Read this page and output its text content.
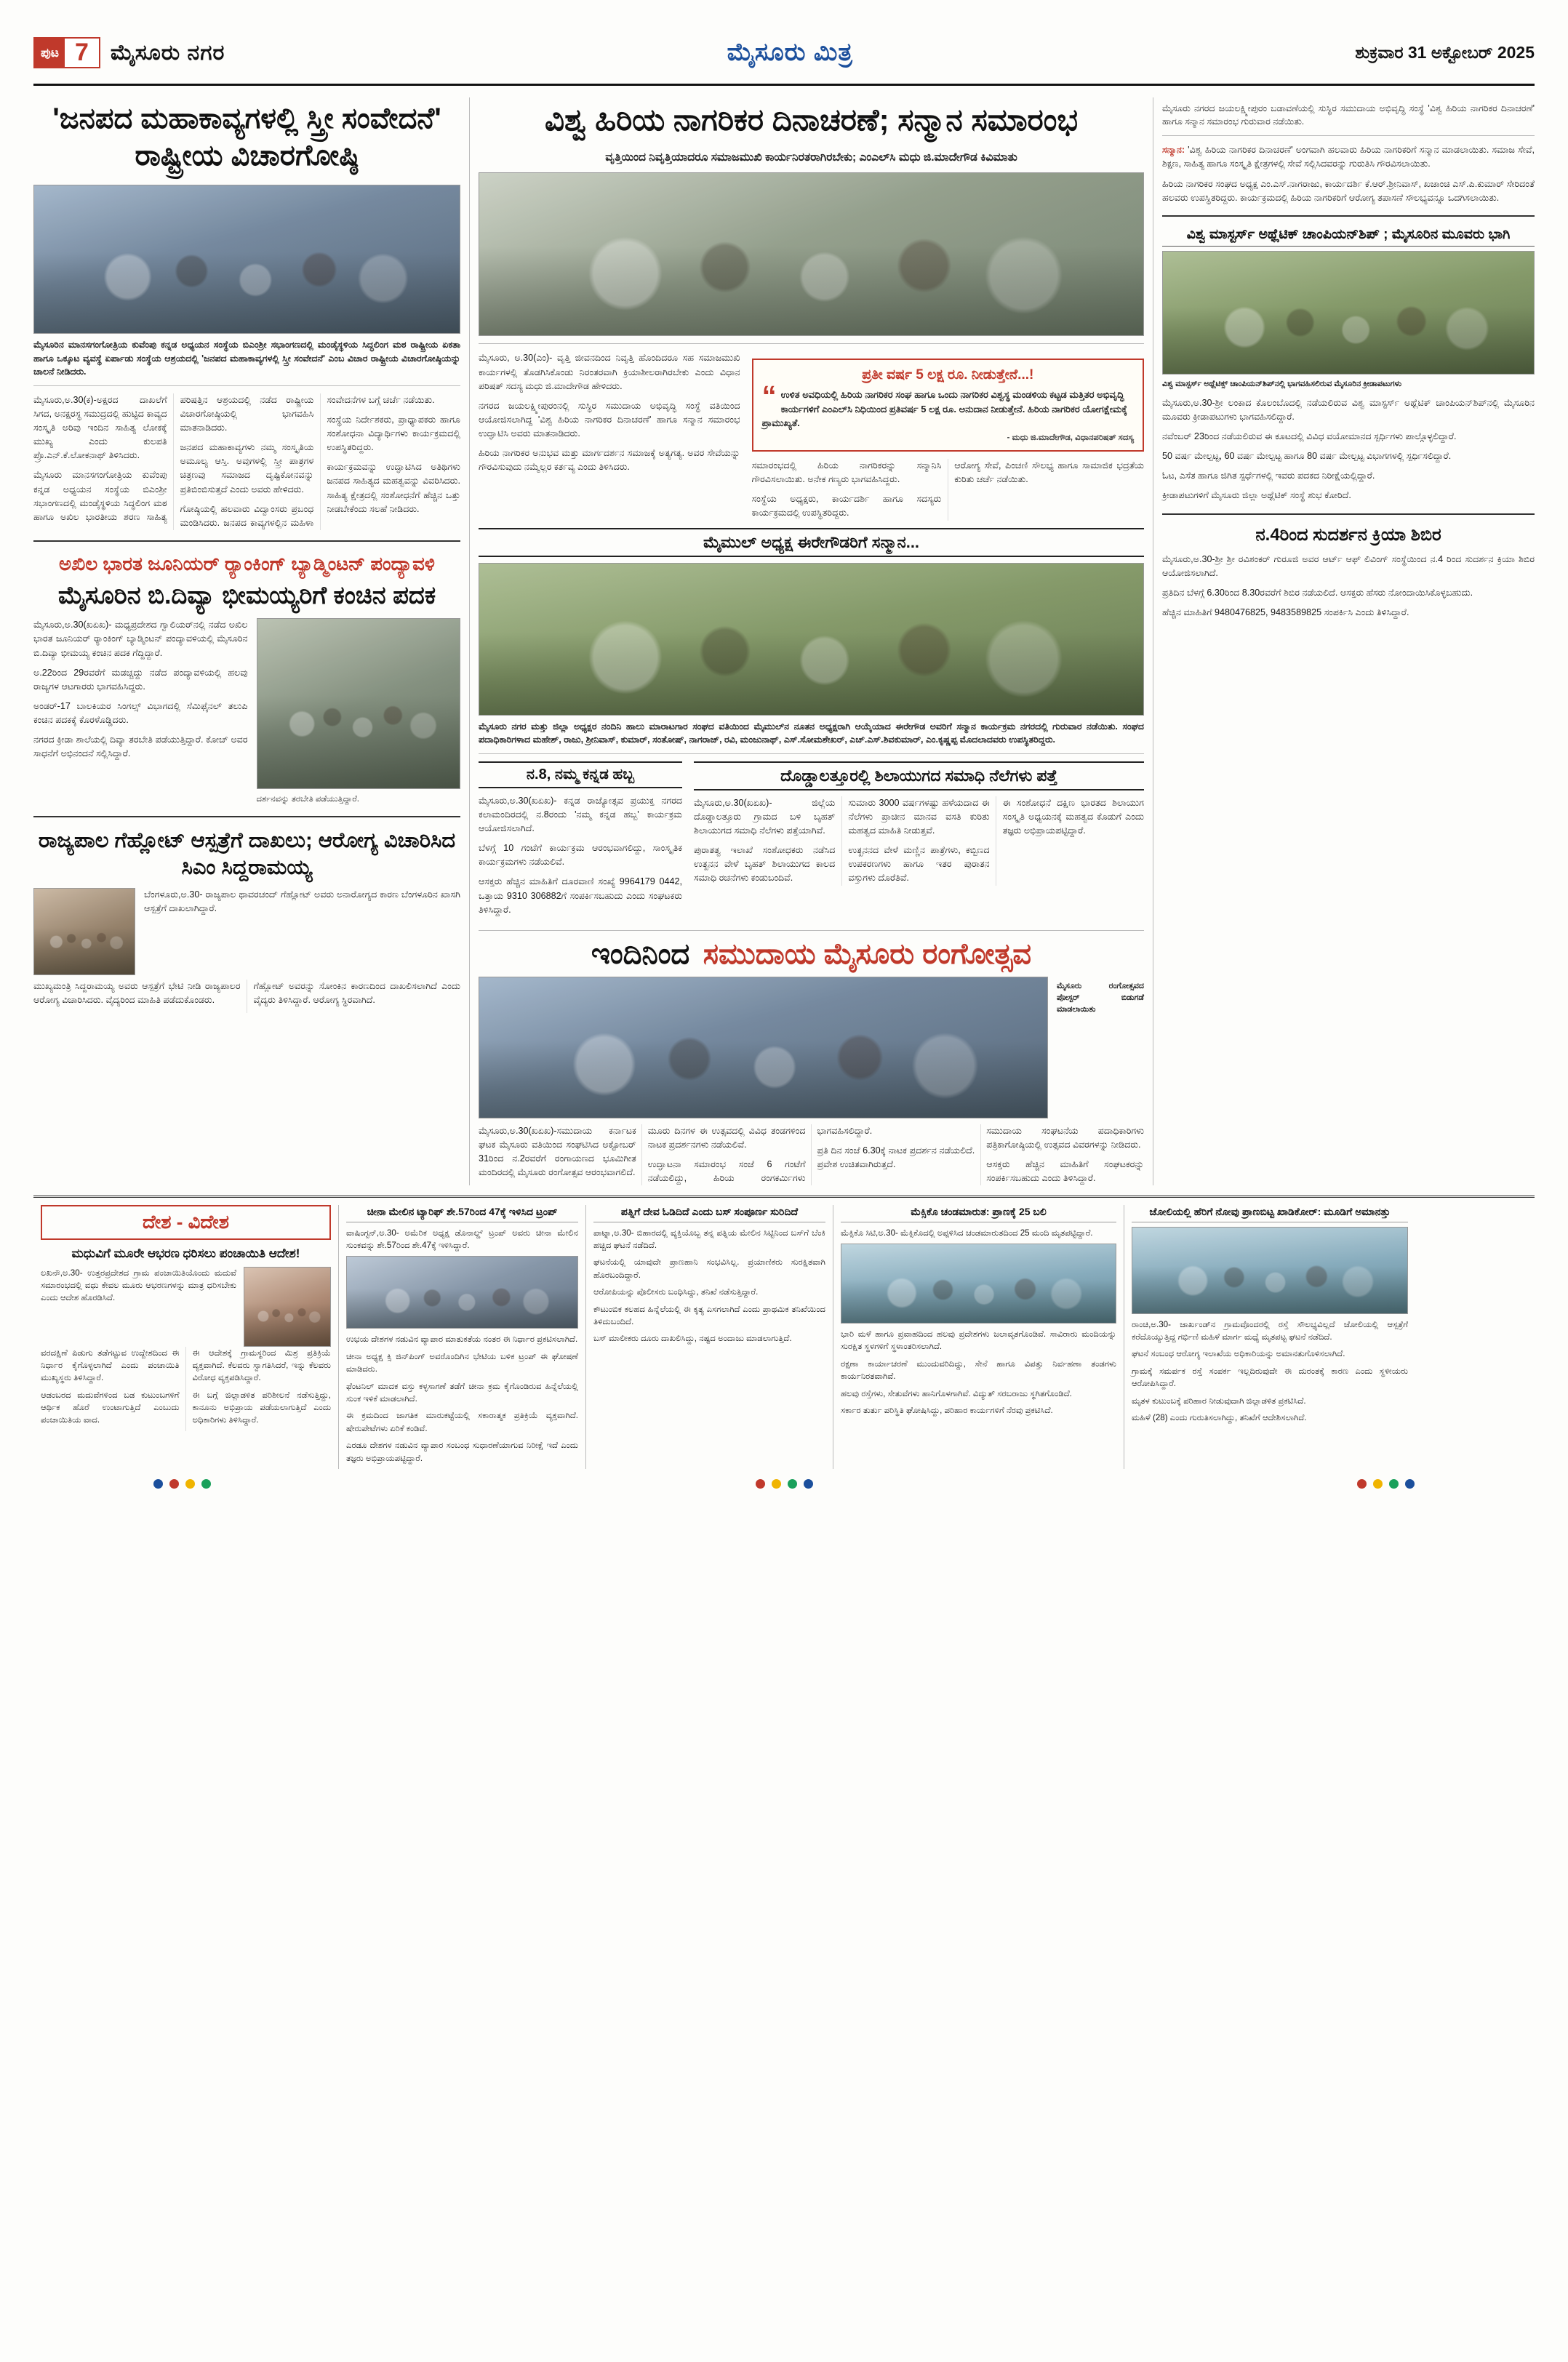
ಪುಟ 7	ಮೈಸೂರು ನಗರ	ಮೈಸೂರು ಮಿತ್ರ	ಶುಕ್ರವಾರ 31 ಅಕ್ಟೋಬರ್ 2025
'ಜನಪದ ಮಹಾಕಾವ್ಯಗಳಲ್ಲಿ ಸ್ತ್ರೀ ಸಂವೇದನೆ' ರಾಷ್ಟ್ರೀಯ ವಿಚಾರಗೋಷ್ಠಿ
ಮೈಸೂರಿನ ಮಾನಸಗಂಗೋತ್ರಿಯ ಕುವೆಂಪು ಕನ್ನಡ ಅಧ್ಯಯನ ಸಂಸ್ಥೆಯ ಬಿಎಂಶ್ರೀ ಸಭಾಂಗಣದಲ್ಲಿ ಮಂಡೈಸ್ಥಳಿಯ ಸಿದ್ಧಲಿಂಗ ಮಠ ರಾಷ್ಟ್ರೀಯ ಏಕತಾ ಹಾಗೂ ಒಕ್ಕೂಟ ವ್ಯವಸ್ಥೆ ಏರ್ಪಾಡು ಸಂಸ್ಥೆಯ ಆಶ್ರಯದಲ್ಲಿ 'ಜನಪದ ಮಹಾಕಾವ್ಯಗಳಲ್ಲಿ ಸ್ತ್ರೀ ಸಂವೇದನೆ' ಎಂಬ ವಿಚಾರ ರಾಷ್ಟ್ರೀಯ ವಿಚಾರಗೋಷ್ಠಿಯನ್ನು ಚಾಲನೆ ನೀಡಿದರು.

ಮೈಸೂರು,ಅ.30(ಕ)-ಅಕ್ಷರದ ದಾಖಲೆಗೆ ಸಿಗದ, ಅನಕ್ಷರಸ್ಥ ಸಮುದ್ರದಲ್ಲಿ ಹುಟ್ಟಿದ ಕಾವ್ಯದ ಸಂಸ್ಕೃತಿ ಅರಿವು ಇಂದಿನ ಸಾಹಿತ್ಯ ಲೋಕಕ್ಕೆ ಮುಖ್ಯ ಎಂದು ಕುಲಪತಿ ಪ್ರೊ.ಎನ್.ಕೆ.ಲೋಕನಾಥ್ ತಿಳಿಸಿದರು.

ಮೈಸೂರು ಮಾನಸಗಂಗೋತ್ರಿಯ ಕುವೆಂಪು ಕನ್ನಡ ಅಧ್ಯಯನ ಸಂಸ್ಥೆಯ ಬಿಎಂಶ್ರೀ ಸಭಾಂಗಣದಲ್ಲಿ ಮಂಡೈಸ್ಥಳಿಯ ಸಿದ್ಧಲಿಂಗ ಮಠ ಹಾಗೂ ಅಖಿಲ ಭಾರತೀಯ ಶರಣ ಸಾಹಿತ್ಯ ಪರಿಷತ್ತಿನ ಆಶ್ರಯದಲ್ಲಿ ನಡೆದ ರಾಷ್ಟ್ರೀಯ ವಿಚಾರಗೋಷ್ಠಿಯಲ್ಲಿ ಭಾಗವಹಿಸಿ ಮಾತನಾಡಿದರು.

ಜನಪದ ಮಹಾಕಾವ್ಯಗಳು ನಮ್ಮ ಸಂಸ್ಕೃತಿಯ ಅಮೂಲ್ಯ ಆಸ್ತಿ. ಅವುಗಳಲ್ಲಿ ಸ್ತ್ರೀ ಪಾತ್ರಗಳ ಚಿತ್ರಣವು ಸಮಾಜದ ದೃಷ್ಟಿಕೋನವನ್ನು ಪ್ರತಿಬಿಂಬಿಸುತ್ತದೆ ಎಂದು ಅವರು ಹೇಳಿದರು.

ಗೋಷ್ಠಿಯಲ್ಲಿ ಹಲವಾರು ವಿದ್ವಾಂಸರು ಪ್ರಬಂಧ ಮಂಡಿಸಿದರು. ಜನಪದ ಕಾವ್ಯಗಳಲ್ಲಿನ ಮಹಿಳಾ ಸಂವೇದನೆಗಳ ಬಗ್ಗೆ ಚರ್ಚೆ ನಡೆಯಿತು.

ಸಂಸ್ಥೆಯ ನಿರ್ದೇಶಕರು, ಪ್ರಾಧ್ಯಾಪಕರು ಹಾಗೂ ಸಂಶೋಧನಾ ವಿದ್ಯಾರ್ಥಿಗಳು ಕಾರ್ಯಕ್ರಮದಲ್ಲಿ ಉಪಸ್ಥಿತರಿದ್ದರು.

ಕಾರ್ಯಕ್ರಮವನ್ನು ಉದ್ಘಾಟಿಸಿದ ಅತಿಥಿಗಳು ಜನಪದ ಸಾಹಿತ್ಯದ ಮಹತ್ವವನ್ನು ವಿವರಿಸಿದರು. ಸಾಹಿತ್ಯ ಕ್ಷೇತ್ರದಲ್ಲಿ ಸಂಶೋಧನೆಗೆ ಹೆಚ್ಚಿನ ಒತ್ತು ನೀಡಬೇಕೆಂದು ಸಲಹೆ ನೀಡಿದರು.

ಅಖಿಲ ಭಾರತ ಜೂನಿಯರ್ ರ‍್ಯಾಂಕಿಂಗ್ ಬ್ಯಾಡ್ಮಿಂಟನ್ ಪಂದ್ಯಾವಳಿ
ಮೈಸೂರಿನ ಬಿ.ದಿವ್ಯಾ ಭೀಮಯ್ಯರಿಗೆ ಕಂಚಿನ ಪದಕ

ಮೈಸೂರು,ಅ.30(ಖಏಖ)- ಮಧ್ಯಪ್ರದೇಶದ ಗ್ವಾಲಿಯರ್‌ನಲ್ಲಿ ನಡೆದ ಅಖಿಲ ಭಾರತ ಜೂನಿಯರ್ ರ‍್ಯಾಂಕಿಂಗ್ ಬ್ಯಾಡ್ಮಿಂಟನ್ ಪಂದ್ಯಾವಳಿಯಲ್ಲಿ ಮೈಸೂರಿನ ಬಿ.ದಿವ್ಯಾ ಭೀಮಯ್ಯ ಕಂಚಿನ ಪದಕ ಗೆದ್ದಿದ್ದಾರೆ.

ಅ.22ರಿಂದ 29ರವರೆಗೆ ಮಡಚ್ಚದ್ದು ನಡೆದ ಪಂದ್ಯಾವಳಿಯಲ್ಲಿ ಹಲವು ರಾಜ್ಯಗಳ ಆಟಗಾರರು ಭಾಗವಹಿಸಿದ್ದರು.

ಅಂಡರ್-17 ಬಾಲಕಿಯರ ಸಿಂಗಲ್ಸ್ ವಿಭಾಗದಲ್ಲಿ ಸೆಮಿಫೈನಲ್ ತಲುಪಿ ಕಂಚಿನ ಪದಕಕ್ಕೆ ಕೊರಳೊಡ್ಡಿದರು.

ನಗರದ ಕ್ರೀಡಾ ಶಾಲೆಯಲ್ಲಿ ದಿವ್ಯಾ ತರಬೇತಿ ಪಡೆಯುತ್ತಿದ್ದಾರೆ. ಕೋಚ್ ಅವರ ಸಾಧನೆಗೆ ಅಭಿನಂದನೆ ಸಲ್ಲಿಸಿದ್ದಾರೆ.

ದರ್ಶನವನ್ನು ತರಬೇತಿ ಪಡೆಯುತ್ತಿದ್ದಾರೆ.
ರಾಜ್ಯಪಾಲ ಗೆಹ್ಲೋಟ್ ಆಸ್ಪತ್ರೆಗೆ ದಾಖಲು; ಆರೋಗ್ಯ ವಿಚಾರಿಸಿದ ಸಿಎಂ ಸಿದ್ದರಾಮಯ್ಯ

ಬೆಂಗಳೂರು,ಅ.30- ರಾಜ್ಯಪಾಲ ಥಾವರಚಂದ್ ಗೆಹ್ಲೋಟ್ ಅವರು ಅನಾರೋಗ್ಯದ ಕಾರಣ ಬೆಂಗಳೂರಿನ ಖಾಸಗಿ ಆಸ್ಪತ್ರೆಗೆ ದಾಖಲಾಗಿದ್ದಾರೆ.

ಮುಖ್ಯಮಂತ್ರಿ ಸಿದ್ದರಾಮಯ್ಯ ಅವರು ಆಸ್ಪತ್ರೆಗೆ ಭೇಟಿ ನೀಡಿ ರಾಜ್ಯಪಾಲರ ಆರೋಗ್ಯ ವಿಚಾರಿಸಿದರು. ವೈದ್ಯರಿಂದ ಮಾಹಿತಿ ಪಡೆದುಕೊಂಡರು.

ಗೆಹ್ಲೋಟ್ ಅವರನ್ನು ಸೋಂಕಿನ ಕಾರಣದಿಂದ ದಾಖಲಿಸಲಾಗಿದೆ ಎಂದು ವೈದ್ಯರು ತಿಳಿಸಿದ್ದಾರೆ. ಆರೋಗ್ಯ ಸ್ಥಿರವಾಗಿದೆ.

ವಿಶ್ವ ಹಿರಿಯ ನಾಗರಿಕರ ದಿನಾಚರಣೆ; ಸನ್ಮಾನ ಸಮಾರಂಭ
ವೃತ್ತಿಯಿಂದ ನಿವೃತ್ತಿಯಾದರೂ ಸಮಾಜಮುಖಿ ಕಾರ್ಯನಿರತರಾಗಿರಬೇಕು; ಎಂಎಲ್‌ಸಿ ಮಧು ಜಿ.ಮಾದೇಗೌಡ ಕಿವಿಮಾತು

ಮೈಸೂರು, ಅ.30(ಎಂ)- ವೃತ್ತಿ ಜೀವನದಿಂದ ನಿವೃತ್ತಿ ಹೊಂದಿದರೂ ಸಹ ಸಮಾಜಮುಖಿ ಕಾರ್ಯಗಳಲ್ಲಿ ತೊಡಗಿಸಿಕೊಂಡು ನಿರಂತರವಾಗಿ ಕ್ರಿಯಾಶೀಲರಾಗಿರಬೇಕು ಎಂದು ವಿಧಾನ ಪರಿಷತ್ ಸದಸ್ಯ ಮಧು ಜಿ.ಮಾದೇಗೌಡ ಹೇಳಿದರು.

ನಗರದ ಜಯಲಕ್ಷ್ಮೀಪುರಂನಲ್ಲಿ ಸುಸ್ಥಿರ ಸಮುದಾಯ ಅಭಿವೃದ್ಧಿ ಸಂಸ್ಥೆ ವತಿಯಿಂದ ಆಯೋಜಿಸಲಾಗಿದ್ದ 'ವಿಶ್ವ ಹಿರಿಯ ನಾಗರಿಕರ ದಿನಾಚರಣೆ' ಹಾಗೂ ಸನ್ಮಾನ ಸಮಾರಂಭ ಉದ್ಘಾಟಿಸಿ ಅವರು ಮಾತನಾಡಿದರು.

ಹಿರಿಯ ನಾಗರಿಕರ ಅನುಭವ ಮತ್ತು ಮಾರ್ಗದರ್ಶನ ಸಮಾಜಕ್ಕೆ ಅತ್ಯಗತ್ಯ. ಅವರ ಸೇವೆಯನ್ನು ಗೌರವಿಸುವುದು ನಮ್ಮೆಲ್ಲರ ಕರ್ತವ್ಯ ಎಂದು ತಿಳಿಸಿದರು.

ಪ್ರತೀ ವರ್ಷ 5 ಲಕ್ಷ ರೂ. ನೀಡುತ್ತೇನೆ...!
“ ಉಳಿತ ಅವಧಿಯಲ್ಲಿ ಹಿರಿಯ ನಾಗರಿಕರ ಸಂಘ ಹಾಗೂ ಒಂದು ನಾಗರಿಕರ ವಿಶ್ವಸ್ಥ ಮಂಡಳಿಯ ಕಟ್ಟಡ ಮತ್ತಿತರ ಅಭಿವೃದ್ಧಿ ಕಾರ್ಯಗಳಿಗೆ ಎಂಎಲ್‌ಸಿ ನಿಧಿಯಿಂದ ಪ್ರತಿವರ್ಷ 5 ಲಕ್ಷ ರೂ. ಅನುದಾನ ನೀಡುತ್ತೇನೆ. ಹಿರಿಯ ನಾಗರಿಕರ ಯೋಗಕ್ಷೇಮಕ್ಕೆ ಪ್ರಾಮುಖ್ಯತೆ.
- ಮಧು ಜಿ.ಮಾದೇಗೌಡ, ವಿಧಾನಪರಿಷತ್ ಸದಸ್ಯ

ಸಮಾರಂಭದಲ್ಲಿ ಹಿರಿಯ ನಾಗರಿಕರನ್ನು ಸನ್ಮಾನಿಸಿ ಗೌರವಿಸಲಾಯಿತು. ಅನೇಕ ಗಣ್ಯರು ಭಾಗವಹಿಸಿದ್ದರು.

ಸಂಸ್ಥೆಯ ಅಧ್ಯಕ್ಷರು, ಕಾರ್ಯದರ್ಶಿ ಹಾಗೂ ಸದಸ್ಯರು ಕಾರ್ಯಕ್ರಮದಲ್ಲಿ ಉಪಸ್ಥಿತರಿದ್ದರು.

ಆರೋಗ್ಯ ಸೇವೆ, ಪಿಂಚಣಿ ಸೌಲಭ್ಯ ಹಾಗೂ ಸಾಮಾಜಿಕ ಭದ್ರತೆಯ ಕುರಿತು ಚರ್ಚೆ ನಡೆಯಿತು.

ಮೈಮುಲ್ ಅಧ್ಯಕ್ಷ ಈರೇಗೌಡರಿಗೆ ಸನ್ಮಾನ...
ಮೈಸೂರು ನಗರ ಮತ್ತು ಜಿಲ್ಲಾ ಅಧ್ಯಕ್ಷರ ನಂದಿನಿ ಹಾಲು ಮಾರಾಟಗಾರ ಸಂಘದ ವತಿಯಿಂದ ಮೈಮುಲ್‌ನ ನೂತನ ಅಧ್ಯಕ್ಷರಾಗಿ ಆಯ್ಕೆಯಾದ ಈರೇಗೌಡ ಅವರಿಗೆ ಸನ್ಮಾನ ಕಾರ್ಯಕ್ರಮ ನಗರದಲ್ಲಿ ಗುರುವಾರ ನಡೆಯಿತು. ಸಂಘದ ಪದಾಧಿಕಾರಿಗಳಾದ ಮಹೇಶ್, ರಾಜು, ಶ್ರೀನಿವಾಸ್, ಕುಮಾರ್, ಸಂತೋಷ್, ನಾಗರಾಜ್, ರವಿ, ಮಂಜುನಾಥ್, ಎಸ್.ಸೋಮಶೇಖರ್, ಎಚ್.ಎಸ್.ಶಿವಕುಮಾರ್, ಎಂ.ಕೃಷ್ಣಪ್ಪ ಮೊದಲಾದವರು ಉಪಸ್ಥಿತರಿದ್ದರು.
ನ.8, ನಮ್ಮ ಕನ್ನಡ ಹಬ್ಬ

ಮೈಸೂರು,ಅ.30(ಖಏಖ)- ಕನ್ನಡ ರಾಜ್ಯೋತ್ಸವ ಪ್ರಯುಕ್ತ ನಗರದ ಕಲಾಮಂದಿರದಲ್ಲಿ ನ.8ರಂದು 'ನಮ್ಮ ಕನ್ನಡ ಹಬ್ಬ' ಕಾರ್ಯಕ್ರಮ ಆಯೋಜಿಸಲಾಗಿದೆ.

ಬೆಳಗ್ಗೆ 10 ಗಂಟೆಗೆ ಕಾರ್ಯಕ್ರಮ ಆರಂಭವಾಗಲಿದ್ದು, ಸಾಂಸ್ಕೃತಿಕ ಕಾರ್ಯಕ್ರಮಗಳು ನಡೆಯಲಿವೆ.

ಆಸಕ್ತರು ಹೆಚ್ಚಿನ ಮಾಹಿತಿಗೆ ದೂರವಾಣಿ ಸಂಖ್ಯೆ 9964179 0442, ಒತ್ತಾಯ 9310 306882ಗೆ ಸಂಪರ್ಕಿಸಬಹುದು ಎಂದು ಸಂಘಟಕರು ತಿಳಿಸಿದ್ದಾರೆ.

ದೊಡ್ಡಾಲತ್ತೂರಲ್ಲಿ ಶಿಲಾಯುಗದ ಸಮಾಧಿ ನೆಲೆಗಳು ಪತ್ತೆ

ಮೈಸೂರು,ಅ.30(ಖಏಖ)- ಜಿಲ್ಲೆಯ ದೊಡ್ಡಾಲತ್ತೂರು ಗ್ರಾಮದ ಬಳಿ ಬೃಹತ್ ಶಿಲಾಯುಗದ ಸಮಾಧಿ ನೆಲೆಗಳು ಪತ್ತೆಯಾಗಿವೆ.

ಪುರಾತತ್ವ ಇಲಾಖೆ ಸಂಶೋಧಕರು ನಡೆಸಿದ ಉತ್ಖನನ ವೇಳೆ ಬೃಹತ್ ಶಿಲಾಯುಗದ ಕಾಲದ ಸಮಾಧಿ ರಚನೆಗಳು ಕಂಡುಬಂದಿವೆ.

ಸುಮಾರು 3000 ವರ್ಷಗಳಷ್ಟು ಹಳೆಯದಾದ ಈ ನೆಲೆಗಳು ಪ್ರಾಚೀನ ಮಾನವ ವಸತಿ ಕುರಿತು ಮಹತ್ವದ ಮಾಹಿತಿ ನೀಡುತ್ತವೆ.

ಉತ್ಖನನದ ವೇಳೆ ಮಣ್ಣಿನ ಪಾತ್ರೆಗಳು, ಕಬ್ಬಿಣದ ಉಪಕರಣಗಳು ಹಾಗೂ ಇತರ ಪುರಾತನ ವಸ್ತುಗಳು ದೊರೆತಿವೆ.

ಈ ಸಂಶೋಧನೆ ದಕ್ಷಿಣ ಭಾರತದ ಶಿಲಾಯುಗ ಸಂಸ್ಕೃತಿ ಅಧ್ಯಯನಕ್ಕೆ ಮಹತ್ವದ ಕೊಡುಗೆ ಎಂದು ತಜ್ಞರು ಅಭಿಪ್ರಾಯಪಟ್ಟಿದ್ದಾರೆ.

ಇಂದಿನಿಂದ ಸಮುದಾಯ ಮೈಸೂರು ರಂಗೋತ್ಸವ
ಮೈಸೂರು ರಂಗೋತ್ಸವದ ಪೋಸ್ಟರ್ ಬಿಡುಗಡೆ ಮಾಡಲಾಯಿತು

ಮೈಸೂರು,ಅ.30(ಖಏಖ)-ಸಮುದಾಯ ಕರ್ನಾಟಕ ಘಟಕ ಮೈಸೂರು ವತಿಯಿಂದ ಸಂಘಟಿಸಿದ ಅಕ್ಟೋಬರ್ 31ರಿಂದ ನ.2ರವರೆಗೆ ರಂಗಾಯಣದ ಭೂಮಿಗೀತ ಮಂದಿರದಲ್ಲಿ ಮೈಸೂರು ರಂಗೋತ್ಸವ ಆರಂಭವಾಗಲಿದೆ.

ಮೂರು ದಿನಗಳ ಈ ಉತ್ಸವದಲ್ಲಿ ವಿವಿಧ ತಂಡಗಳಿಂದ ನಾಟಕ ಪ್ರದರ್ಶನಗಳು ನಡೆಯಲಿವೆ.

ಉದ್ಘಾಟನಾ ಸಮಾರಂಭ ಸಂಜೆ 6 ಗಂಟೆಗೆ ನಡೆಯಲಿದ್ದು, ಹಿರಿಯ ರಂಗಕರ್ಮಿಗಳು ಭಾಗವಹಿಸಲಿದ್ದಾರೆ.

ಪ್ರತಿ ದಿನ ಸಂಜೆ 6.30ಕ್ಕೆ ನಾಟಕ ಪ್ರದರ್ಶನ ನಡೆಯಲಿದೆ. ಪ್ರವೇಶ ಉಚಿತವಾಗಿರುತ್ತದೆ.

ಸಮುದಾಯ ಸಂಘಟನೆಯ ಪದಾಧಿಕಾರಿಗಳು ಪತ್ರಿಕಾಗೋಷ್ಠಿಯಲ್ಲಿ ಉತ್ಸವದ ವಿವರಗಳನ್ನು ನೀಡಿದರು.

ಆಸಕ್ತರು ಹೆಚ್ಚಿನ ಮಾಹಿತಿಗೆ ಸಂಘಟಕರನ್ನು ಸಂಪರ್ಕಿಸಬಹುದು ಎಂದು ತಿಳಿಸಿದ್ದಾರೆ.

ಮೈಸೂರು ನಗರದ ಜಯಲಕ್ಷ್ಮೀಪುರಂ ಬಡಾವಣೆಯಲ್ಲಿ ಸುಸ್ಥಿರ ಸಮುದಾಯ ಅಭಿವೃದ್ಧಿ ಸಂಸ್ಥೆ 'ವಿಶ್ವ ಹಿರಿಯ ನಾಗರಿಕರ ದಿನಾಚರಣೆ' ಹಾಗೂ ಸನ್ಮಾನ ಸಮಾರಂಭ ಗುರುವಾರ ನಡೆಯಿತು.

ಸನ್ಮಾನ: 'ವಿಶ್ವ ಹಿರಿಯ ನಾಗರಿಕರ ದಿನಾಚರಣೆ' ಅಂಗವಾಗಿ ಹಲವಾರು ಹಿರಿಯ ನಾಗರಿಕರಿಗೆ ಸನ್ಮಾನ ಮಾಡಲಾಯಿತು. ಸಮಾಜ ಸೇವೆ, ಶಿಕ್ಷಣ, ಸಾಹಿತ್ಯ ಹಾಗೂ ಸಂಸ್ಕೃತಿ ಕ್ಷೇತ್ರಗಳಲ್ಲಿ ಸೇವೆ ಸಲ್ಲಿಸಿದವರನ್ನು ಗುರುತಿಸಿ ಗೌರವಿಸಲಾಯಿತು.

ಹಿರಿಯ ನಾಗರಿಕರ ಸಂಘದ ಅಧ್ಯಕ್ಷ ಎಂ.ಎಸ್.ನಾಗರಾಜು, ಕಾರ್ಯದರ್ಶಿ ಕೆ.ಆರ್.ಶ್ರೀನಿವಾಸ್, ಖಜಾಂಚಿ ಎಸ್.ಪಿ.ಕುಮಾರ್ ಸೇರಿದಂತೆ ಹಲವರು ಉಪಸ್ಥಿತರಿದ್ದರು. ಕಾರ್ಯಕ್ರಮದಲ್ಲಿ ಹಿರಿಯ ನಾಗರಿಕರಿಗೆ ಆರೋಗ್ಯ ತಪಾಸಣೆ ಸೌಲಭ್ಯವನ್ನೂ ಒದಗಿಸಲಾಯಿತು.

ವಿಶ್ವ ಮಾಸ್ಟರ್ಸ್ ಅಥ್ಲೆಟಿಕ್ ಚಾಂಪಿಯನ್‌ಶಿಪ್ ; ಮೈಸೂರಿನ ಮೂವರು ಭಾಗಿ
ವಿಶ್ವ ಮಾಸ್ಟರ್ಸ್ ಅಥ್ಲೆಟಿಕ್ಸ್ ಚಾಂಪಿಯನ್‌ಶಿಪ್‌ನಲ್ಲಿ ಭಾಗವಹಿಸಲಿರುವ ಮೈಸೂರಿನ ಕ್ರೀಡಾಪಟುಗಳು

ಮೈಸೂರು,ಅ.30-ಶ್ರೀ ಲಂಕಾದ ಕೊಲಂಬೊದಲ್ಲಿ ನಡೆಯಲಿರುವ ವಿಶ್ವ ಮಾಸ್ಟರ್ಸ್ ಅಥ್ಲೆಟಿಕ್ ಚಾಂಪಿಯನ್‌ಶಿಪ್‌ನಲ್ಲಿ ಮೈಸೂರಿನ ಮೂವರು ಕ್ರೀಡಾಪಟುಗಳು ಭಾಗವಹಿಸಲಿದ್ದಾರೆ.

ನವೆಂಬರ್ 23ರಿಂದ ನಡೆಯಲಿರುವ ಈ ಕೂಟದಲ್ಲಿ ವಿವಿಧ ವಯೋಮಾನದ ಸ್ಪರ್ಧಿಗಳು ಪಾಲ್ಗೊಳ್ಳಲಿದ್ದಾರೆ.

50 ವರ್ಷ ಮೇಲ್ಪಟ್ಟ, 60 ವರ್ಷ ಮೇಲ್ಪಟ್ಟ ಹಾಗೂ 80 ವರ್ಷ ಮೇಲ್ಪಟ್ಟ ವಿಭಾಗಗಳಲ್ಲಿ ಸ್ಪರ್ಧಿಸಲಿದ್ದಾರೆ.

ಓಟ, ಎಸೆತ ಹಾಗೂ ಜಿಗಿತ ಸ್ಪರ್ಧೆಗಳಲ್ಲಿ ಇವರು ಪದಕದ ನಿರೀಕ್ಷೆಯಲ್ಲಿದ್ದಾರೆ.

ಕ್ರೀಡಾಪಟುಗಳಿಗೆ ಮೈಸೂರು ಜಿಲ್ಲಾ ಅಥ್ಲೆಟಿಕ್ ಸಂಸ್ಥೆ ಶುಭ ಕೋರಿದೆ.

ನ.4ರಿಂದ ಸುದರ್ಶನ ಕ್ರಿಯಾ ಶಿಬಿರ

ಮೈಸೂರು,ಅ.30-ಶ್ರೀ ಶ್ರೀ ರವಿಶಂಕರ್ ಗುರೂಜಿ ಅವರ ಆರ್ಟ್ ಆಫ್ ಲಿವಿಂಗ್ ಸಂಸ್ಥೆಯಿಂದ ನ.4 ರಿಂದ ಸುದರ್ಶನ ಕ್ರಿಯಾ ಶಿಬಿರ ಆಯೋಜಿಸಲಾಗಿದೆ.

ಪ್ರತಿದಿನ ಬೆಳಗ್ಗೆ 6.30ರಿಂದ 8.30ರವರೆಗೆ ಶಿಬಿರ ನಡೆಯಲಿದೆ. ಆಸಕ್ತರು ಹೆಸರು ನೋಂದಾಯಿಸಿಕೊಳ್ಳಬಹುದು.

ಹೆಚ್ಚಿನ ಮಾಹಿತಿಗೆ 9480476825, 9483589825 ಸಂಪರ್ಕಿಸಿ ಎಂದು ತಿಳಿಸಿದ್ದಾರೆ.

ದೇಶ - ವಿದೇಶ
ಮಧುವಿಗೆ ಮೂರೇ ಆಭರಣ ಧರಿಸಲು ಪಂಚಾಯಿತಿ ಆದೇಶ!

ಲಖನೌ,ಅ.30- ಉತ್ತರಪ್ರದೇಶದ ಗ್ರಾಮ ಪಂಚಾಯಿತಿಯೊಂದು ಮದುವೆ ಸಮಾರಂಭದಲ್ಲಿ ವಧು ಕೇವಲ ಮೂರು ಆಭರಣಗಳನ್ನು ಮಾತ್ರ ಧರಿಸಬೇಕು ಎಂದು ಆದೇಶ ಹೊರಡಿಸಿದೆ.

ವರದಕ್ಷಿಣೆ ಪಿಡುಗು ತಡೆಗಟ್ಟುವ ಉದ್ದೇಶದಿಂದ ಈ ನಿರ್ಧಾರ ಕೈಗೊಳ್ಳಲಾಗಿದೆ ಎಂದು ಪಂಚಾಯಿತಿ ಮುಖ್ಯಸ್ಥರು ತಿಳಿಸಿದ್ದಾರೆ.

ಆಡಂಬರದ ಮದುವೆಗಳಿಂದ ಬಡ ಕುಟುಂಬಗಳಿಗೆ ಆರ್ಥಿಕ ಹೊರೆ ಉಂಟಾಗುತ್ತಿದೆ ಎಂಬುದು ಪಂಚಾಯಿತಿಯ ವಾದ.

ಈ ಆದೇಶಕ್ಕೆ ಗ್ರಾಮಸ್ಥರಿಂದ ಮಿಶ್ರ ಪ್ರತಿಕ್ರಿಯೆ ವ್ಯಕ್ತವಾಗಿದೆ. ಕೆಲವರು ಸ್ವಾಗತಿಸಿದರೆ, ಇನ್ನು ಕೆಲವರು ವಿರೋಧ ವ್ಯಕ್ತಪಡಿಸಿದ್ದಾರೆ.

ಈ ಬಗ್ಗೆ ಜಿಲ್ಲಾಡಳಿತ ಪರಿಶೀಲನೆ ನಡೆಸುತ್ತಿದ್ದು, ಕಾನೂನು ಅಭಿಪ್ರಾಯ ಪಡೆಯಲಾಗುತ್ತಿದೆ ಎಂದು ಅಧಿಕಾರಿಗಳು ತಿಳಿಸಿದ್ದಾರೆ.

ಚೀನಾ ಮೇಲಿನ ಟ್ಯಾರಿಫ್ ಶೇ.57ರಿಂದ 47ಕ್ಕೆ ಇಳಿಸಿದ ಟ್ರಂಪ್

ವಾಷಿಂಗ್ಟನ್,ಅ.30- ಅಮೆರಿಕ ಅಧ್ಯಕ್ಷ ಡೊನಾಲ್ಡ್ ಟ್ರಂಪ್ ಅವರು ಚೀನಾ ಮೇಲಿನ ಸುಂಕವನ್ನು ಶೇ.57ರಿಂದ ಶೇ.47ಕ್ಕೆ ಇಳಿಸಿದ್ದಾರೆ.

ಉಭಯ ದೇಶಗಳ ನಡುವಿನ ವ್ಯಾಪಾರ ಮಾತುಕತೆಯ ನಂತರ ಈ ನಿರ್ಧಾರ ಪ್ರಕಟಿಸಲಾಗಿದೆ.

ಚೀನಾ ಅಧ್ಯಕ್ಷ ಕ್ಸಿ ಜಿನ್‌ಪಿಂಗ್ ಅವರೊಂದಿಗಿನ ಭೇಟಿಯ ಬಳಿಕ ಟ್ರಂಪ್ ಈ ಘೋಷಣೆ ಮಾಡಿದರು.

ಫೆಂಟನಿಲ್ ಮಾದಕ ವಸ್ತು ಕಳ್ಳಸಾಗಣೆ ತಡೆಗೆ ಚೀನಾ ಕ್ರಮ ಕೈಗೊಂಡಿರುವ ಹಿನ್ನೆಲೆಯಲ್ಲಿ ಸುಂಕ ಇಳಿಕೆ ಮಾಡಲಾಗಿದೆ.

ಈ ಕ್ರಮದಿಂದ ಜಾಗತಿಕ ಮಾರುಕಟ್ಟೆಯಲ್ಲಿ ಸಕಾರಾತ್ಮಕ ಪ್ರತಿಕ್ರಿಯೆ ವ್ಯಕ್ತವಾಗಿದೆ. ಷೇರುಪೇಟೆಗಳು ಏರಿಕೆ ಕಂಡಿವೆ.

ಎರಡೂ ದೇಶಗಳ ನಡುವಿನ ವ್ಯಾಪಾರ ಸಂಬಂಧ ಸುಧಾರಣೆಯಾಗುವ ನಿರೀಕ್ಷೆ ಇದೆ ಎಂದು ತಜ್ಞರು ಅಭಿಪ್ರಾಯಪಟ್ಟಿದ್ದಾರೆ.

ಪತ್ನಿಗೆ ದೇವ ಓಡಿದಿದೆ ಎಂದು ಬಸ್ ಸಂಪೂರ್ಣ ಸುರಿದಿದೆ

ಪಾಟ್ನಾ,ಅ.30- ಬಿಹಾರದಲ್ಲಿ ವ್ಯಕ್ತಿಯೊಬ್ಬ ತನ್ನ ಪತ್ನಿಯ ಮೇಲಿನ ಸಿಟ್ಟಿನಿಂದ ಬಸ್‌ಗೆ ಬೆಂಕಿ ಹಚ್ಚಿದ ಘಟನೆ ನಡೆದಿದೆ.

ಘಟನೆಯಲ್ಲಿ ಯಾವುದೇ ಪ್ರಾಣಹಾನಿ ಸಂಭವಿಸಿಲ್ಲ. ಪ್ರಯಾಣಿಕರು ಸುರಕ್ಷಿತವಾಗಿ ಹೊರಬಂದಿದ್ದಾರೆ.

ಆರೋಪಿಯನ್ನು ಪೊಲೀಸರು ಬಂಧಿಸಿದ್ದು, ತನಿಖೆ ನಡೆಸುತ್ತಿದ್ದಾರೆ.

ಕೌಟುಂಬಿಕ ಕಲಹದ ಹಿನ್ನೆಲೆಯಲ್ಲಿ ಈ ಕೃತ್ಯ ಎಸಗಲಾಗಿದೆ ಎಂದು ಪ್ರಾಥಮಿಕ ತನಿಖೆಯಿಂದ ತಿಳಿದುಬಂದಿದೆ.

ಬಸ್ ಮಾಲೀಕರು ದೂರು ದಾಖಲಿಸಿದ್ದು, ನಷ್ಟದ ಅಂದಾಜು ಮಾಡಲಾಗುತ್ತಿದೆ.

ಮೆಕ್ಸಿಕೊ ಚಂಡಮಾರುತ: ಪ್ರಾಣಕ್ಕೆ 25 ಬಲಿ

ಮೆಕ್ಸಿಕೊ ಸಿಟಿ,ಅ.30- ಮೆಕ್ಸಿಕೊದಲ್ಲಿ ಅಪ್ಪಳಿಸಿದ ಚಂಡಮಾರುತದಿಂದ 25 ಮಂದಿ ಮೃತಪಟ್ಟಿದ್ದಾರೆ.

ಭಾರಿ ಮಳೆ ಹಾಗೂ ಪ್ರವಾಹದಿಂದ ಹಲವು ಪ್ರದೇಶಗಳು ಜಲಾವೃತಗೊಂಡಿವೆ. ಸಾವಿರಾರು ಮಂದಿಯನ್ನು ಸುರಕ್ಷಿತ ಸ್ಥಳಗಳಿಗೆ ಸ್ಥಳಾಂತರಿಸಲಾಗಿದೆ.

ರಕ್ಷಣಾ ಕಾರ್ಯಾಚರಣೆ ಮುಂದುವರಿದಿದ್ದು, ಸೇನೆ ಹಾಗೂ ವಿಪತ್ತು ನಿರ್ವಹಣಾ ತಂಡಗಳು ಕಾರ್ಯನಿರತವಾಗಿವೆ.

ಹಲವು ರಸ್ತೆಗಳು, ಸೇತುವೆಗಳು ಹಾನಿಗೊಳಗಾಗಿವೆ. ವಿದ್ಯುತ್ ಸರಬರಾಜು ಸ್ಥಗಿತಗೊಂಡಿದೆ.

ಸರ್ಕಾರ ತುರ್ತು ಪರಿಸ್ಥಿತಿ ಘೋಷಿಸಿದ್ದು, ಪರಿಹಾರ ಕಾರ್ಯಗಳಿಗೆ ನೆರವು ಪ್ರಕಟಿಸಿದೆ.

ಜೋಲಿಯಲ್ಲಿ ಹೆರಿಗೆ ನೋವು ಪ್ರಾಣಬಿಟ್ಟ ಖಾಡಿಕೋರ್: ಮೂಡಿಗೆ ಅಮಾನತ್ತು

ರಾಂಚಿ,ಅ.30- ಜಾರ್ಖಂಡ್‌ನ ಗ್ರಾಮವೊಂದರಲ್ಲಿ ರಸ್ತೆ ಸೌಲಭ್ಯವಿಲ್ಲದೆ ಜೋಲಿಯಲ್ಲಿ ಆಸ್ಪತ್ರೆಗೆ ಕರೆದೊಯ್ಯುತ್ತಿದ್ದ ಗರ್ಭಿಣಿ ಮಹಿಳೆ ಮಾರ್ಗ ಮಧ್ಯೆ ಮೃತಪಟ್ಟ ಘಟನೆ ನಡೆದಿದೆ.

ಘಟನೆ ಸಂಬಂಧ ಆರೋಗ್ಯ ಇಲಾಖೆಯ ಅಧಿಕಾರಿಯನ್ನು ಅಮಾನತುಗೊಳಿಸಲಾಗಿದೆ.

ಗ್ರಾಮಕ್ಕೆ ಸಮರ್ಪಕ ರಸ್ತೆ ಸಂಪರ್ಕ ಇಲ್ಲದಿರುವುದೇ ಈ ದುರಂತಕ್ಕೆ ಕಾರಣ ಎಂದು ಸ್ಥಳೀಯರು ಆರೋಪಿಸಿದ್ದಾರೆ.

ಮೃತಳ ಕುಟುಂಬಕ್ಕೆ ಪರಿಹಾರ ನೀಡುವುದಾಗಿ ಜಿಲ್ಲಾಡಳಿತ ಪ್ರಕಟಿಸಿದೆ.

ಮಹಿಳೆ (28) ಎಂದು ಗುರುತಿಸಲಾಗಿದ್ದು, ತನಿಖೆಗೆ ಆದೇಶಿಸಲಾಗಿದೆ.
